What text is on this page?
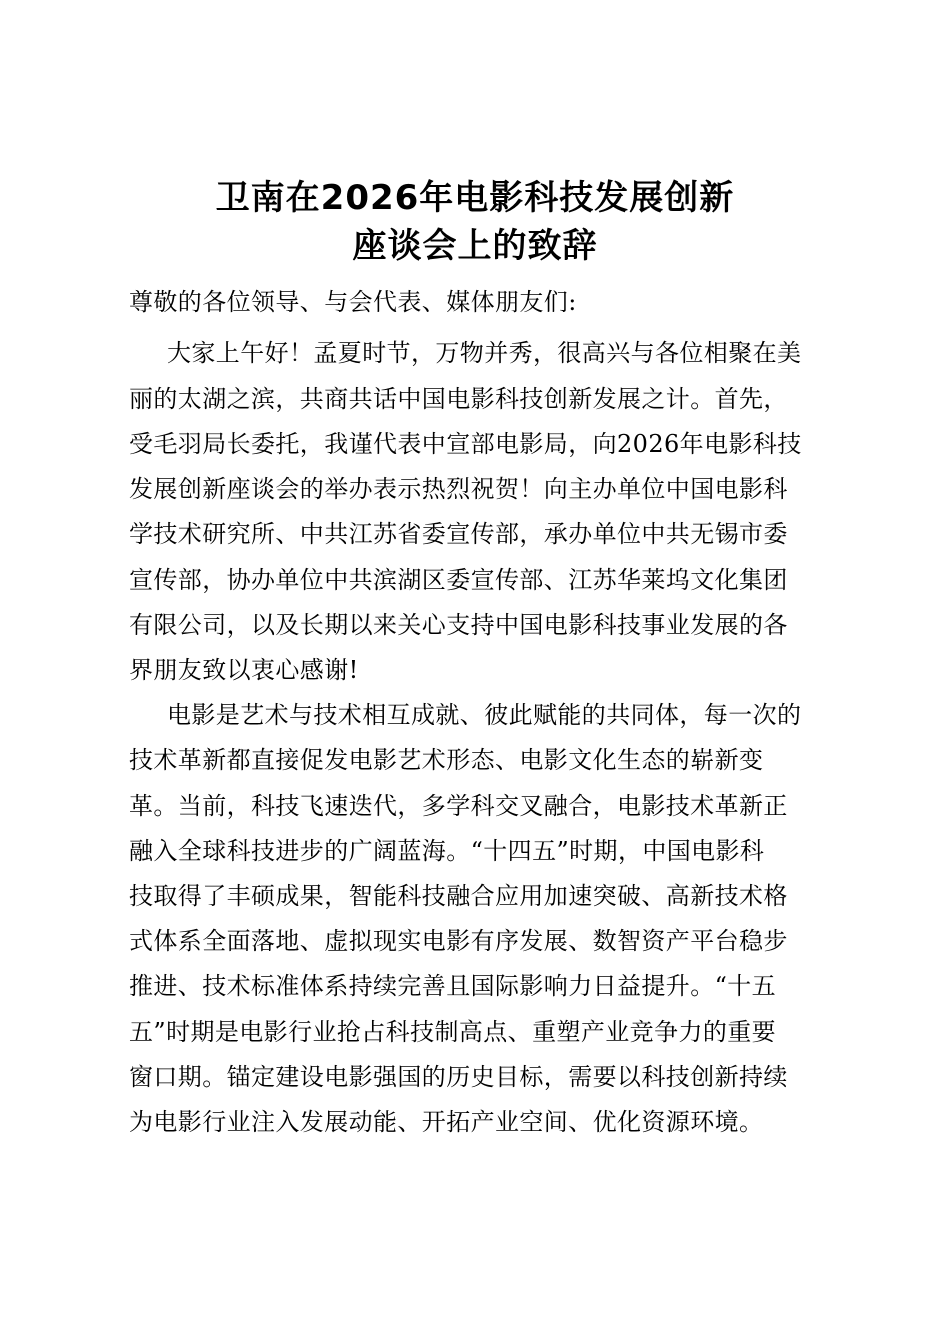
卫南在2026年电影科技发展创新
座谈会上的致辞
尊敬的各位领导、与会代表、媒体朋友们:
大家上午好！孟夏时节，万物并秀，很高兴与各位相聚在美
丽的太湖之滨，共商共话中国电影科技创新发展之计。首先，
受毛羽局长委托，我谨代表中宣部电影局，向2026年电影科技
发展创新座谈会的举办表示热烈祝贺！向主办单位中国电影科
学技术研究所、中共江苏省委宣传部，承办单位中共无锡市委
宣传部，协办单位中共滨湖区委宣传部、江苏华莱坞文化集团
有限公司，以及长期以来关心支持中国电影科技事业发展的各
界朋友致以衷心感谢!
电影是艺术与技术相互成就、彼此赋能的共同体，每一次的
技术革新都直接促发电影艺术形态、电影文化生态的崭新变
革。当前，科技飞速迭代，多学科交叉融合，电影技术革新正
融入全球科技进步的广阔蓝海。“十四五”时期，中国电影科
技取得了丰硕成果，智能科技融合应用加速突破、高新技术格
式体系全面落地、虚拟现实电影有序发展、数智资产平台稳步
推进、技术标准体系持续完善且国际影响力日益提升。“十五
五”时期是电影行业抢占科技制高点、重塑产业竞争力的重要
窗口期。锚定建设电影强国的历史目标，需要以科技创新持续
为电影行业注入发展动能、开拓产业空间、优化资源环境。
